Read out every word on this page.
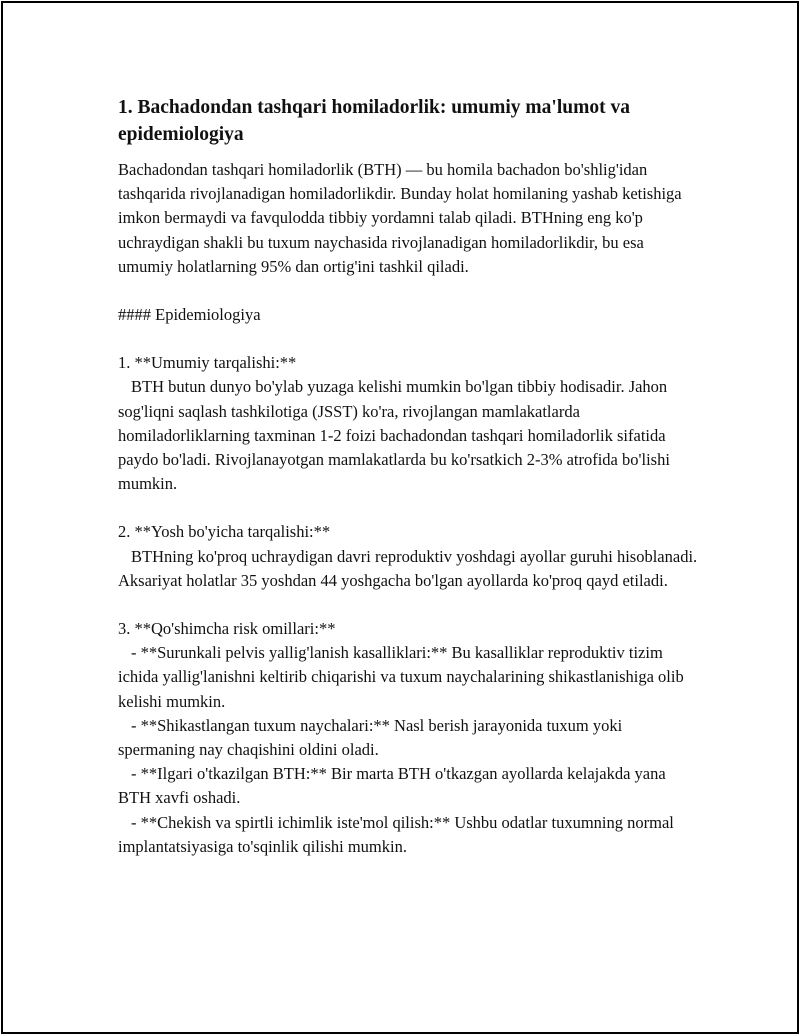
1. Bachadondan tashqari homiladorlik: umumiy ma'lumot va epidemiologiya

Bachadondan tashqari homiladorlik (BTH) — bu homila bachadon bo'shlig'idan tashqarida rivojlanadigan homiladorlikdir. Bunday holat homilaning yashab ketishiga imkon bermaydi va favqulodda tibbiy yordamni talab qiladi. BTHning eng ko'p uchraydigan shakli bu tuxum naychasida rivojlanadigan homiladorlikdir, bu esa umumiy holatlarning 95% dan ortig'ini tashkil qiladi.

#### Epidemiologiya

1. **Umumiy tarqalishi:**

BTH butun dunyo bo'ylab yuzaga kelishi mumkin bo'lgan tibbiy hodisadir. Jahon sog'liqni saqlash tashkilotiga (JSST) ko'ra, rivojlangan mamlakatlarda homiladorliklarning taxminan 1-2 foizi bachadondan tashqari homiladorlik sifatida paydo bo'ladi. Rivojlanayotgan mamlakatlarda bu ko'rsatkich 2-3% atrofida bo'lishi mumkin.

2. **Yosh bo'yicha tarqalishi:**

BTHning ko'proq uchraydigan davri reproduktiv yoshdagi ayollar guruhi hisoblanadi. Aksariyat holatlar 35 yoshdan 44 yoshgacha bo'lgan ayollarda ko'proq qayd etiladi.

3. **Qo'shimcha risk omillari:**

- **Surunkali pelvis yallig'lanish kasalliklari:** Bu kasalliklar reproduktiv tizim ichida yallig'lanishni keltirib chiqarishi va tuxum naychalarining shikastlanishiga olib kelishi mumkin.

- **Shikastlangan tuxum naychalari:** Nasl berish jarayonida tuxum yoki spermaning nay chaqishini oldini oladi.

- **Ilgari o'tkazilgan BTH:** Bir marta BTH o'tkazgan ayollarda kelajakda yana BTH xavfi oshadi.

- **Chekish va spirtli ichimlik iste'mol qilish:** Ushbu odatlar tuxumning normal implantatsiyasiga to'sqinlik qilishi mumkin.
